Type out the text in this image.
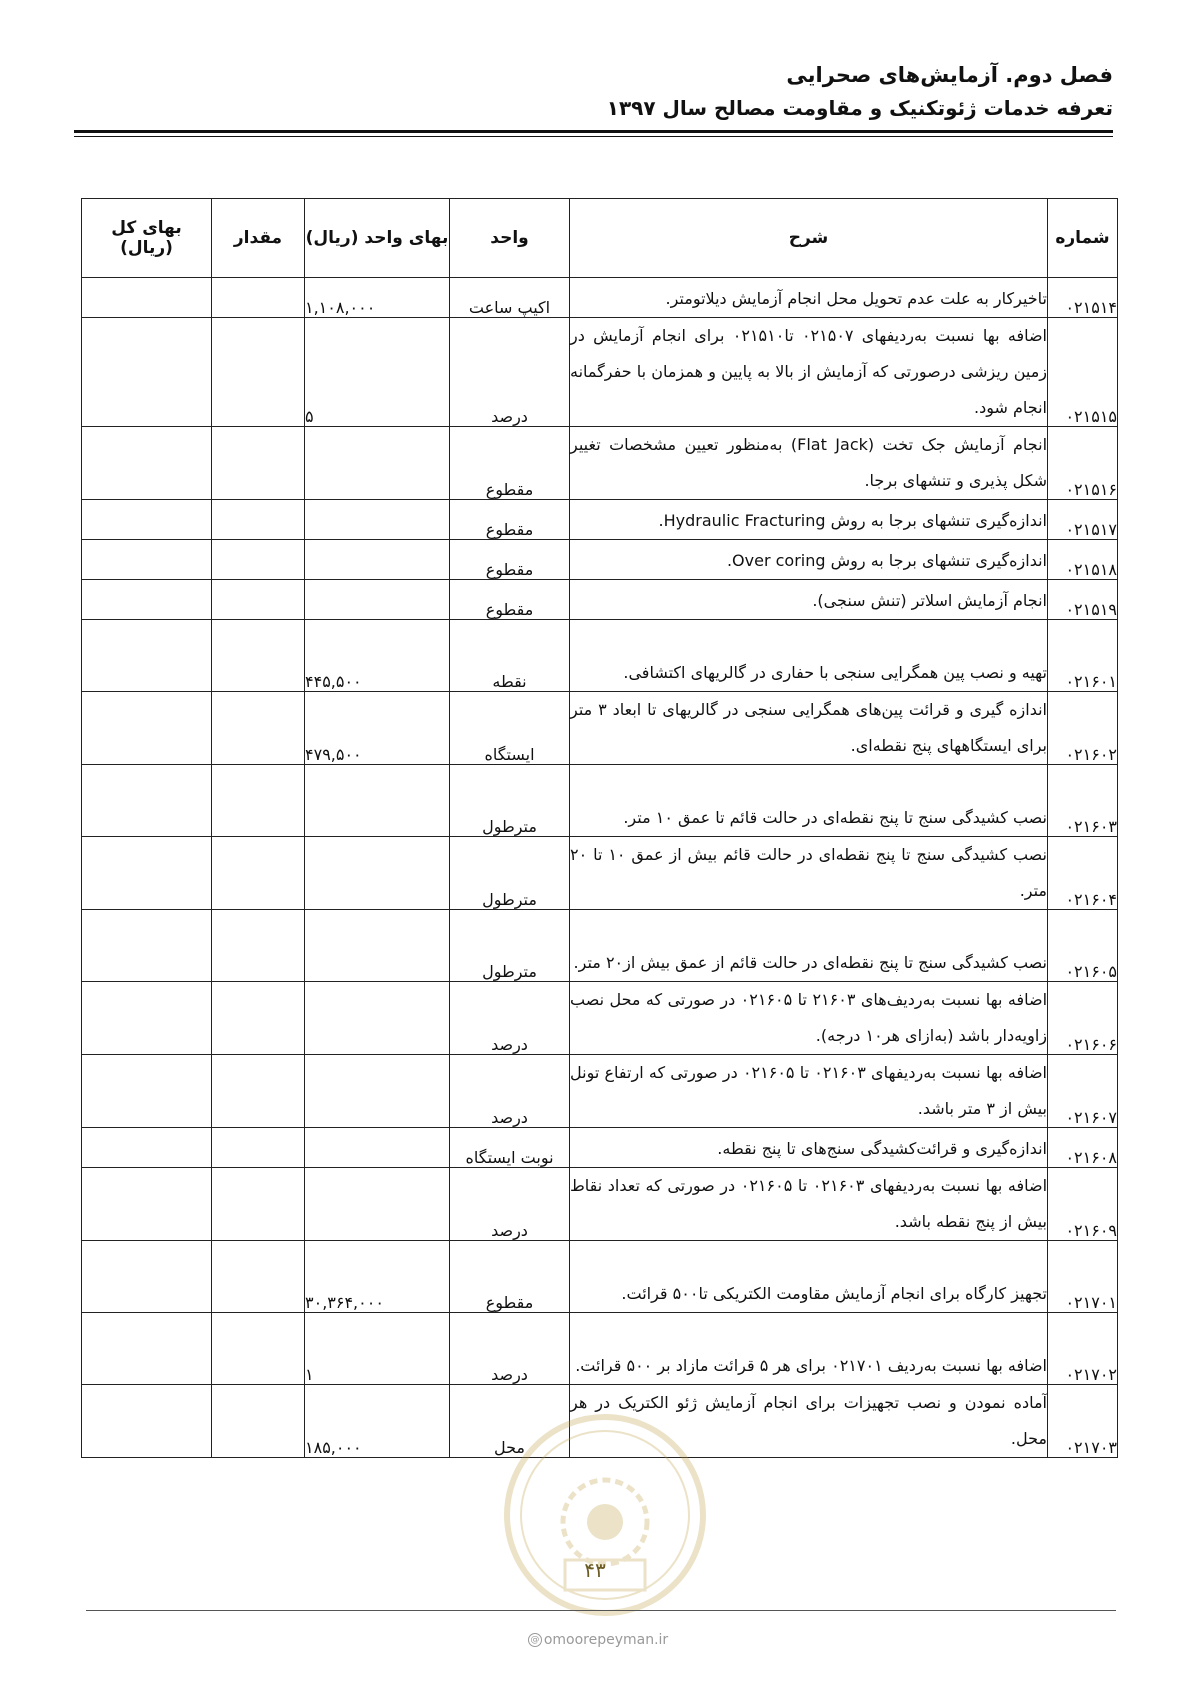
فصل دوم. آزمایش‌های صحرایی
تعرفه خدمات ژئوتکنیک و مقاومت مصالح سال ۱۳۹۷
شماره	شرح	واحد	بهای واحد (ریال)	مقدار	بهای کل (ریال)
۰۲۱۵۱۴	تاخیرکار به علت عدم تحویل محل انجام آزمایش دیلاتومتر.	اکیپ ساعت	۱,۱۰۸,۰۰۰		
۰۲۱۵۱۵	اضافه بها نسبت به‌ردیفهای ۰۲۱۵۰۷ تا۰۲۱۵۱۰ برای انجام آزمایش در زمین ریزشی درصورتی که آزمایش از بالا به پایین و همزمان با حفرگمانه انجام شود.	درصد	۵		
۰۲۱۵۱۶	انجام آزمایش جک تخت (Flat Jack) به‌منظور تعیین مشخصات تغییر شکل پذیری و تنشهای برجا.	مقطوع			
۰۲۱۵۱۷	اندازه‌گیری تنشهای برجا به روش Hydraulic Fracturing.	مقطوع			
۰۲۱۵۱۸	اندازه‌گیری تنشهای برجا به روش Over coring.	مقطوع			
۰۲۱۵۱۹	انجام آزمایش اسلاتر (تنش سنجی).	مقطوع			
۰۲۱۶۰۱	تهیه و نصب پین همگرایی سنجی با حفاری در گالریهای اکتشافی.	نقطه	۴۴۵,۵۰۰		
۰۲۱۶۰۲	اندازه گیری و قرائت پین‌های همگرایی سنجی در گالریهای تا ابعاد ۳ متر برای ایستگاههای پنج نقطه‌ای.	ایستگاه	۴۷۹,۵۰۰		
۰۲۱۶۰۳	نصب کشیدگی سنج تا پنج نقطه‌ای در حالت قائم تا عمق ۱۰ متر.	مترطول			
۰۲۱۶۰۴	نصب کشیدگی سنج تا پنج نقطه‌ای در حالت قائم بیش از عمق ۱۰ تا ۲۰ متر.	مترطول			
۰۲۱۶۰۵	نصب کشیدگی سنج تا پنج نقطه‌ای در حالت قائم از عمق بیش از۲۰ متر.	مترطول			
۰۲۱۶۰۶	اضافه بها نسبت به‌ردیف‌های ۲۱۶۰۳ تا ۰۲۱۶۰۵ در صورتی که محل نصب زاویه‌دار باشد (به‌ازای هر۱۰ درجه).	درصد			
۰۲۱۶۰۷	اضافه بها نسبت به‌ردیفهای ۰۲۱۶۰۳ تا ۰۲۱۶۰۵ در صورتی که ارتفاع تونل بیش از ۳ متر باشد.	درصد			
۰۲۱۶۰۸	اندازه‌گیری و قرائت‌کشیدگی سنج‌های تا پنج نقطه.	نوبت ایستگاه			
۰۲۱۶۰۹	اضافه بها نسبت به‌ردیفهای ۰۲۱۶۰۳ تا ۰۲۱۶۰۵ در صورتی که تعداد نقاط بیش از پنج نقطه باشد.	درصد			
۰۲۱۷۰۱	تجهیز کارگاه برای انجام آزمایش مقاومت الکتریکی تا۵۰۰ قرائت.	مقطوع	۳۰,۳۶۴,۰۰۰		
۰۲۱۷۰۲	اضافه بها نسبت به‌ردیف ۰۲۱۷۰۱ برای هر ۵ قرائت مازاد بر ۵۰۰ قرائت.	درصد	۱		
۰۲۱۷۰۳	آماده نمودن و نصب تجهیزات برای انجام آزمایش ژئو الکتریک در هر محل.	محل	۱۸۵,۰۰۰		
۴۳
@ omoorepeyman.ir
